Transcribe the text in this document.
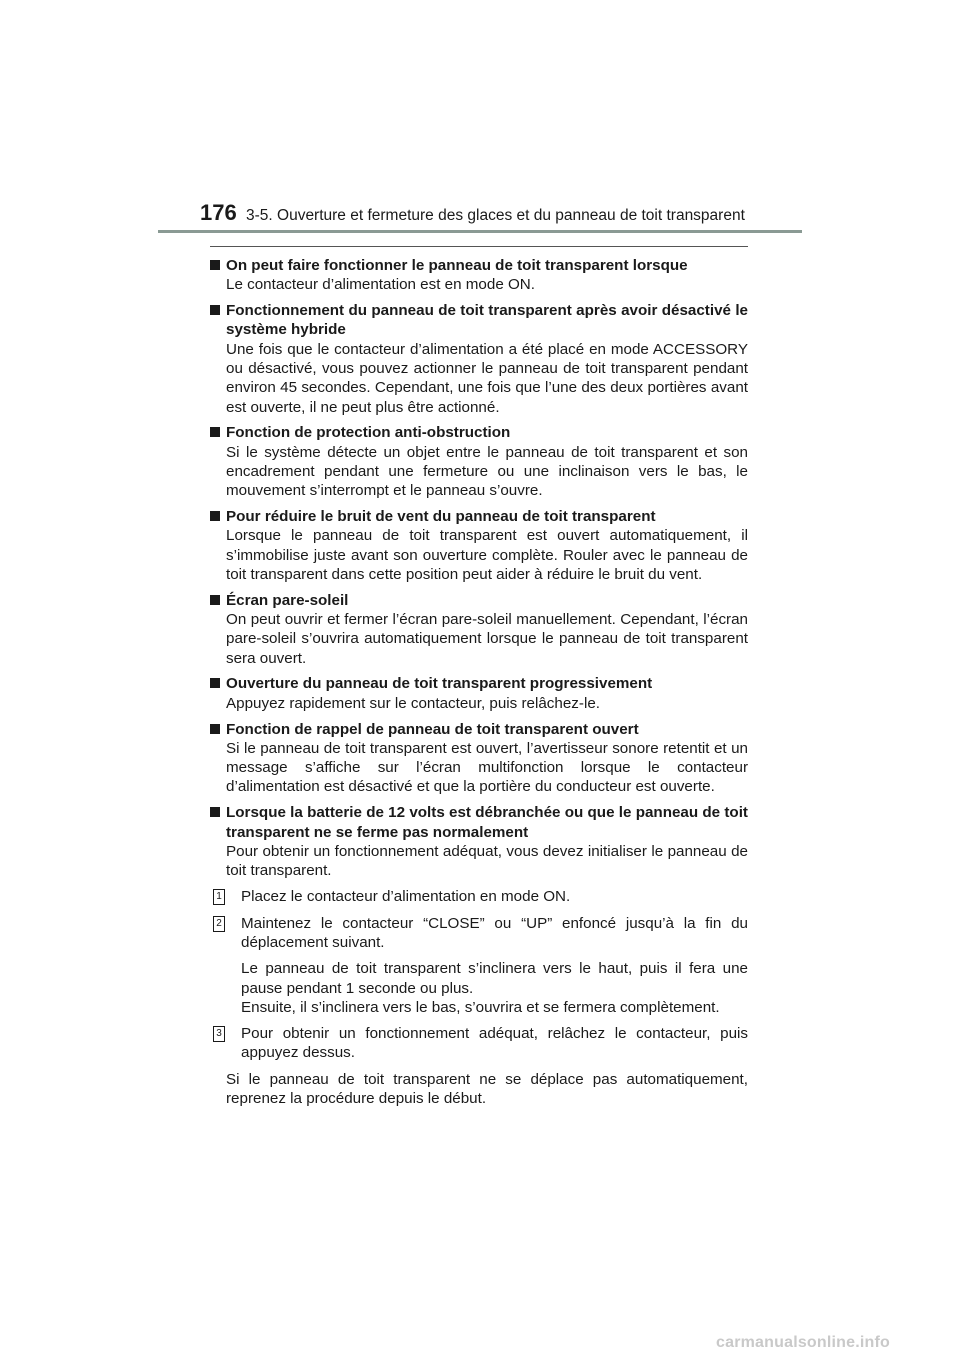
176 3-5. Ouverture et fermeture des glaces et du panneau de toit transparent
On peut faire fonctionner le panneau de toit transparent lorsque

Le contacteur d’alimentation est en mode ON.

Fonctionnement du panneau de toit transparent après avoir désactivé le système hybride

Une fois que le contacteur d’alimentation a été placé en mode ACCESSORY ou désactivé, vous pouvez actionner le panneau de toit transparent pendant environ 45 secondes. Cependant, une fois que l’une des deux portières avant est ouverte, il ne peut plus être actionné.

Fonction de protection anti-obstruction

Si le système détecte un objet entre le panneau de toit transparent et son encadrement pendant une fermeture ou une inclinaison vers le bas, le mouvement s’interrompt et le panneau s’ouvre.

Pour réduire le bruit de vent du panneau de toit transparent

Lorsque le panneau de toit transparent est ouvert automatiquement, il s’immobilise juste avant son ouverture complète. Rouler avec le panneau de toit transparent dans cette position peut aider à réduire le bruit du vent.

Écran pare-soleil

On peut ouvrir et fermer l’écran pare-soleil manuellement. Cependant, l’écran pare-soleil s’ouvrira automatiquement lorsque le panneau de toit transparent sera ouvert.

Ouverture du panneau de toit transparent progressivement

Appuyez rapidement sur le contacteur, puis relâchez-le.

Fonction de rappel de panneau de toit transparent ouvert

Si le panneau de toit transparent est ouvert, l’avertisseur sonore retentit et un message s’affiche sur l’écran multifonction lorsque le contacteur d’alimentation est désactivé et que la portière du conducteur est ouverte.

Lorsque la batterie de 12 volts est débranchée ou que le panneau de toit transparent ne se ferme pas normalement

Pour obtenir un fonctionnement adéquat, vous devez initialiser le panneau de toit transparent.

1 Placez le contacteur d’alimentation en mode ON.
2 Maintenez le contacteur “CLOSE” ou “UP” enfoncé jusqu’à la fin du déplacement suivant.
Le panneau de toit transparent s’inclinera vers le haut, puis il fera une pause pendant 1 seconde ou plus.
Ensuite, il s’inclinera vers le bas, s’ouvrira et se fermera complètement.
3 Pour obtenir un fonctionnement adéquat, relâchez le contacteur, puis appuyez dessus.

Si le panneau de toit transparent ne se déplace pas automatiquement, reprenez la procédure depuis le début.

carmanualsonline.info
